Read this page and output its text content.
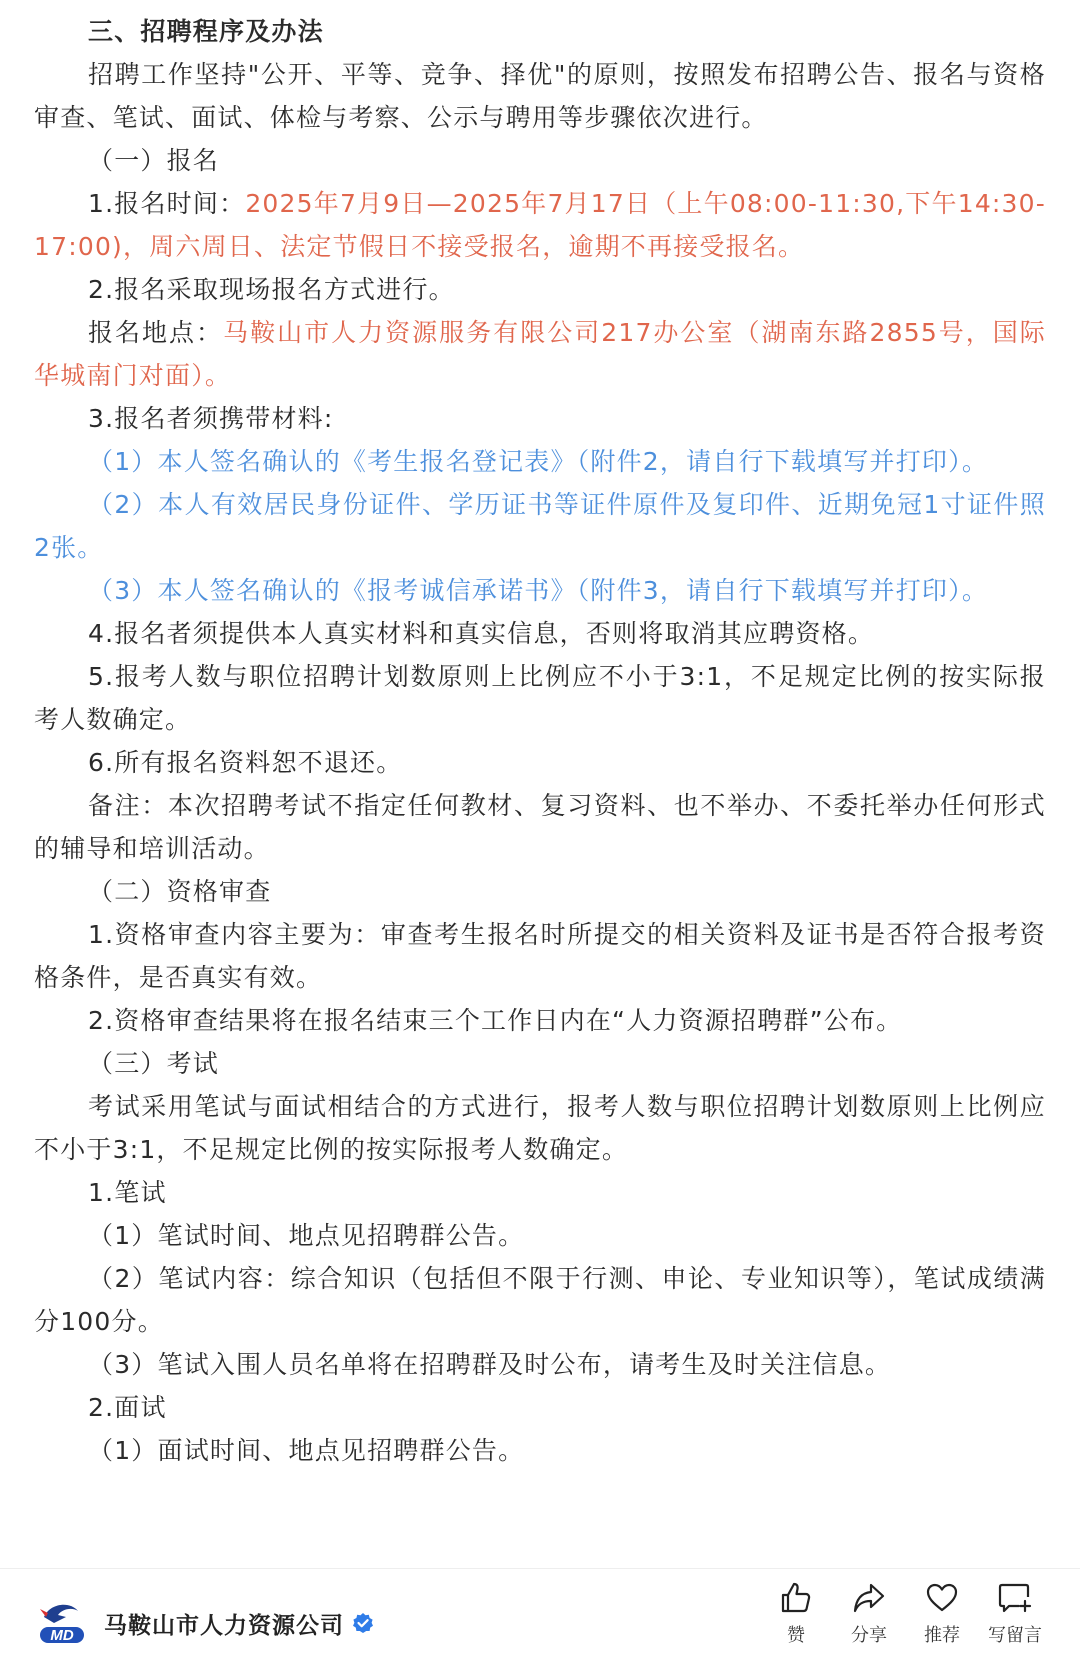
三、招聘程序及办法

招聘工作坚持"公开、平等、竞争、择优"的原则，按照发布招聘公告、报名与资格审查、笔试、面试、体检与考察、公示与聘用等步骤依次进行。

（一）报名

1.报名时间：2025年7月9日—2025年7月17日（上午08:00-11:30,下午14:30-17:00)，周六周日、法定节假日不接受报名，逾期不再接受报名。

2.报名采取现场报名方式进行。

报名地点：马鞍山市人力资源服务有限公司217办公室（湖南东路2855号，国际华城南门对面）。

3.报名者须携带材料:

（1）本人签名确认的《考生报名登记表》（附件2，请自行下载填写并打印）。

（2）本人有效居民身份证件、学历证书等证件原件及复印件、近期免冠1寸证件照2张。

（3）本人签名确认的《报考诚信承诺书》（附件3，请自行下载填写并打印）。

4.报名者须提供本人真实材料和真实信息，否则将取消其应聘资格。

5.报考人数与职位招聘计划数原则上比例应不小于3:1，不足规定比例的按实际报考人数确定。

6.所有报名资料恕不退还。

备注：本次招聘考试不指定任何教材、复习资料、也不举办、不委托举办任何形式的辅导和培训活动。

（二）资格审查

1.资格审查内容主要为：审查考生报名时所提交的相关资料及证书是否符合报考资格条件，是否真实有效。

2.资格审查结果将在报名结束三个工作日内在“人力资源招聘群”公布。

（三）考试

考试采用笔试与面试相结合的方式进行，报考人数与职位招聘计划数原则上比例应不小于3:1，不足规定比例的按实际报考人数确定。

1.笔试

（1）笔试时间、地点见招聘群公告。

（2）笔试内容：综合知识（包括但不限于行测、申论、专业知识等），笔试成绩满分100分。

（3）笔试入围人员名单将在招聘群及时公布，请考生及时关注信息。

2.面试

（1）面试时间、地点见招聘群公告。

MD 马鞍山市人力资源公司	赞	分享	推荐	写留言
